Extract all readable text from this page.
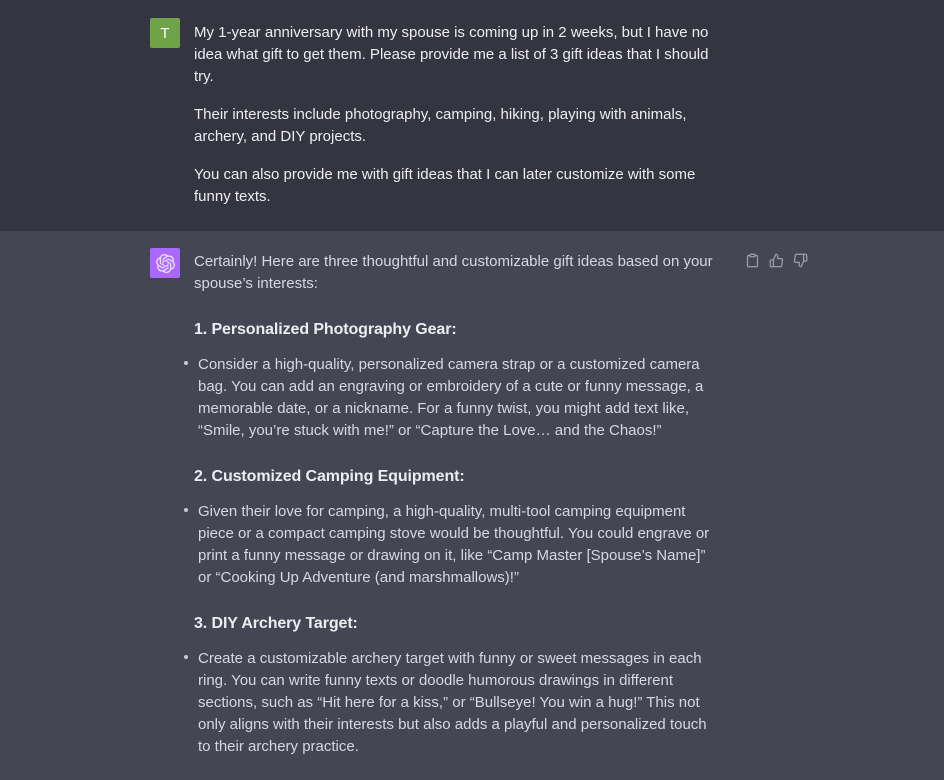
T My 1-year anniversary with my spouse is coming up in 2 weeks, but I have no idea what gift to get them. Please provide me a list of 3 gift ideas that I should try.

Their interests include photography, camping, hiking, playing with animals, archery, and DIY projects.

You can also provide me with gift ideas that I can later customize with some funny texts.

Certainly! Here are three thoughtful and customizable gift ideas based on your spouse’s interests:

1. Personalized Photography Gear:
Consider a high-quality, personalized camera strap or a customized camera bag. You can add an engraving or embroidery of a cute or funny message, a memorable date, or a nickname. For a funny twist, you might add text like, “Smile, you’re stuck with me!” or “Capture the Love… and the Chaos!”
2. Customized Camping Equipment:
Given their love for camping, a high-quality, multi-tool camping equipment piece or a compact camping stove would be thoughtful. You could engrave or print a funny message or drawing on it, like “Camp Master [Spouse’s Name]” or “Cooking Up Adventure (and marshmallows)!”
3. DIY Archery Target:
Create a customizable archery target with funny or sweet messages in each ring. You can write funny texts or doodle humorous drawings in different sections, such as “Hit here for a kiss,” or “Bullseye! You win a hug!” This not only aligns with their interests but also adds a playful and personalized touch to their archery practice.
